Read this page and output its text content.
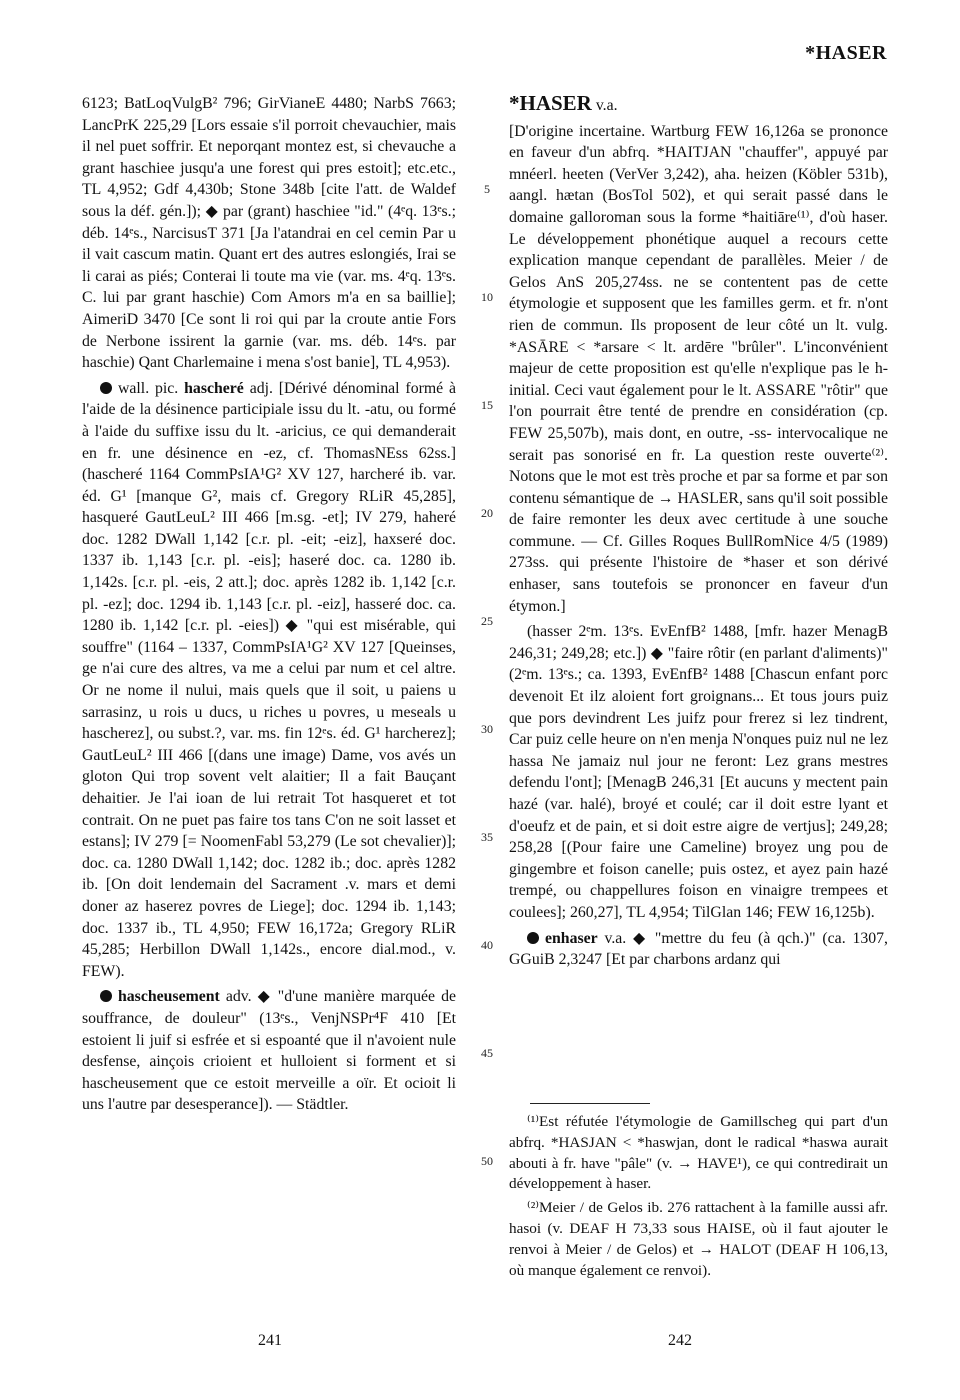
*HASER

6123; BatLoqVulgB² 796; GirVianeE 4480; NarbS 7663; LancPrK 225,29 [Lors essaie s'il porroit chevauchier, mais il nel puet soffrir. Et neporqant montez est, si chevauche a grant haschiee jusqu'a une forest qui pres estoit]; etc.etc., TL 4,952; Gdf 4,430b; Stone 348b [cite l'att. de Waldef sous la déf. gén.]); ◆ par (grant) haschiee "id." (4ᵉq. 13ᵉs.; déb. 14ᵉs., NarcisusT 371 [Ja l'atandrai en cel cemin Par u il vait cascum matin. Quant ert des autres eslongiés, Irai se li carai as piés; Conterai li toute ma vie (var. ms. 4ᵉq. 13ᵉs. C. lui par grant haschie) Com Amors m'a en sa baillie]; AimeriD 3470 [Ce sont li roi qui par la croute antie Fors de Nerbone issirent la garnie (var. ms. déb. 14ᵉs. par haschie) Qant Charlemaine i mena s'ost banie], TL 4,953).

wall. pic. hascheré adj. [Dérivé dénominal formé à l'aide de la désinence participiale issu du lt. -atu, ou formé à l'aide du suffixe issu du lt. -aricius, ce qui demanderait en fr. une désinence en -ez, cf. ThomasNEss 62ss.] (hascheré 1164 CommPsIA¹G² XV 127, harcheré ib. var. éd. G¹ [manque G², mais cf. Gregory RLiR 45,285], hasqueré GautLeuL² III 466 [m.sg. -et]; IV 279, haheré doc. 1282 DWall 1,142 [c.r. pl. -eit; -eiz], haxseré doc. 1337 ib. 1,143 [c.r. pl. -eis]; haseré doc. ca. 1280 ib. 1,142s. [c.r. pl. -eis, 2 att.]; doc. après 1282 ib. 1,142 [c.r. pl. -ez]; doc. 1294 ib. 1,143 [c.r. pl. -eiz], hasseré doc. ca. 1280 ib. 1,142 [c.r. pl. -eies]) ◆ "qui est misérable, qui souffre" (1164 – 1337, CommPsIA¹G² XV 127 [Queinses, ge n'ai cure des altres, va me a celui par num et cel altre. Or ne nome il nului, mais quels que il soit, u paiens u sarrasinz, u rois u ducs, u riches u povres, u meseals u hascherez], ou subst.?, var. ms. fin 12ᵉs. éd. G¹ harcherez]; GautLeuL² III 466 [(dans une image) Dame, vos avés un gloton Qui trop sovent velt alaitier; Il a fait Bauçant dehaitier. Je l'ai ioan de lui retrait Tot hasqueret et tot contrait. On ne puet pas faire tos tans C'on ne soit lasset et estans]; IV 279 [= NoomenFabl 53,279 (Le sot chevalier)]; doc. ca. 1280 DWall 1,142; doc. 1282 ib.; doc. après 1282 ib. [On doit lendemain del Sacrament .v. mars et demi doner az haserez povres de Liege]; doc. 1294 ib. 1,143; doc. 1337 ib., TL 4,950; FEW 16,172a; Gregory RLiR 45,285; Herbillon DWall 1,142s., encore dial.mod., v. FEW).

hascheusement adv. ◆ "d'une manière marquée de souffrance, de douleur" (13ᵉs., VenjNSPr⁴F 410 [Et estoient li juif si esfrée et si espoanté que il n'avoient nule desfense, ainçois crioient et hulloient si forment et si hascheusement que ce estoit merveille a oïr. Et ocioit li uns l'autre par desesperance]). — Städtler.

5
10
15
20
25
30
35
40
45
50

*HASER v.a.

[D'origine incertaine. Wartburg FEW 16,126a se prononce en faveur d'un abfrq. *HAITJAN "chauffer", appuyé par mnéerl. heeten (VerVer 3,242), aha. heizen (Köbler 531b), aangl. hætan (BosTol 502), et qui serait passé dans le domaine galloroman sous la forme *haitiāre⁽¹⁾, d'où haser. Le développement phonétique auquel a recours cette explication manque cependant de parallèles. Meier / de Gelos AnS 205,274ss. ne se contentent pas de cette étymologie et supposent que les familles germ. et fr. n'ont rien de commun. Ils proposent de leur côté un lt. vulg. *ASĀRE < *arsare < lt. ardēre "brûler". L'inconvénient majeur de cette proposition est qu'elle n'explique pas le h- initial. Ceci vaut également pour le lt. ASSARE "rôtir" que l'on pourrait être tenté de prendre en considération (cp. FEW 25,507b), mais dont, en outre, -ss- intervocalique ne serait pas sonorisé en fr. La question reste ouverte⁽²⁾. Notons que le mot est très proche et par sa forme et par son contenu sémantique de → HASLER, sans qu'il soit possible de faire remonter les deux avec certitude à une souche commune. — Cf. Gilles Roques BullRomNice 4/5 (1989) 273ss. qui présente l'histoire de *haser et son dérivé enhaser, sans toutefois se prononcer en faveur d'un étymon.]

(hasser 2ᵉm. 13ᵉs. EvEnfB² 1488, [mfr. hazer MenagB 246,31; 249,28; etc.]) ◆ "faire rôtir (en parlant d'aliments)" (2ᵉm. 13ᵉs.; ca. 1393, EvEnfB² 1488 [Chascun enfant porc devenoit Et ilz aloient fort groignans... Et tous jours puiz que pors devindrent Les juifz pour frerez si lez tindrent, Car puiz celle heure on n'en menja N'onques puiz nul ne lez hassa Ne jamaiz nul jour ne feront: Lez grans mestres defendu l'ont]; [MenagB 246,31 [Et aucuns y mectent pain hazé (var. halé), broyé et coulé; car il doit estre lyant et d'oeufz et de pain, et si doit estre aigre de vertjus]; 249,28; 258,28 [(Pour faire une Cameline) broyez ung pou de gingembre et foison canelle; puis ostez, et ayez pain hazé trempé, ou chappellures foison en vinaigre trempees et coulees]; 260,27], TL 4,954; TilGlan 146; FEW 16,125b).

enhaser v.a. ◆ "mettre du feu (à qch.)" (ca. 1307, GGuiB 2,3247 [Et par charbons ardanz qui

⁽¹⁾Est réfutée l'étymologie de Gamillscheg qui part d'un abfrq. *HASJAN < *haswjan, dont le radical *haswa aurait abouti à fr. have "pâle" (v. → HAVE¹), ce qui contredirait un développement à haser.

⁽²⁾Meier / de Gelos ib. 276 rattachent à la famille aussi afr. hasoi (v. DEAF H 73,33 sous HAISE, où il faut ajouter le renvoi à Meier / de Gelos) et → HALOT (DEAF H 106,13, où manque également ce renvoi).

241	242
